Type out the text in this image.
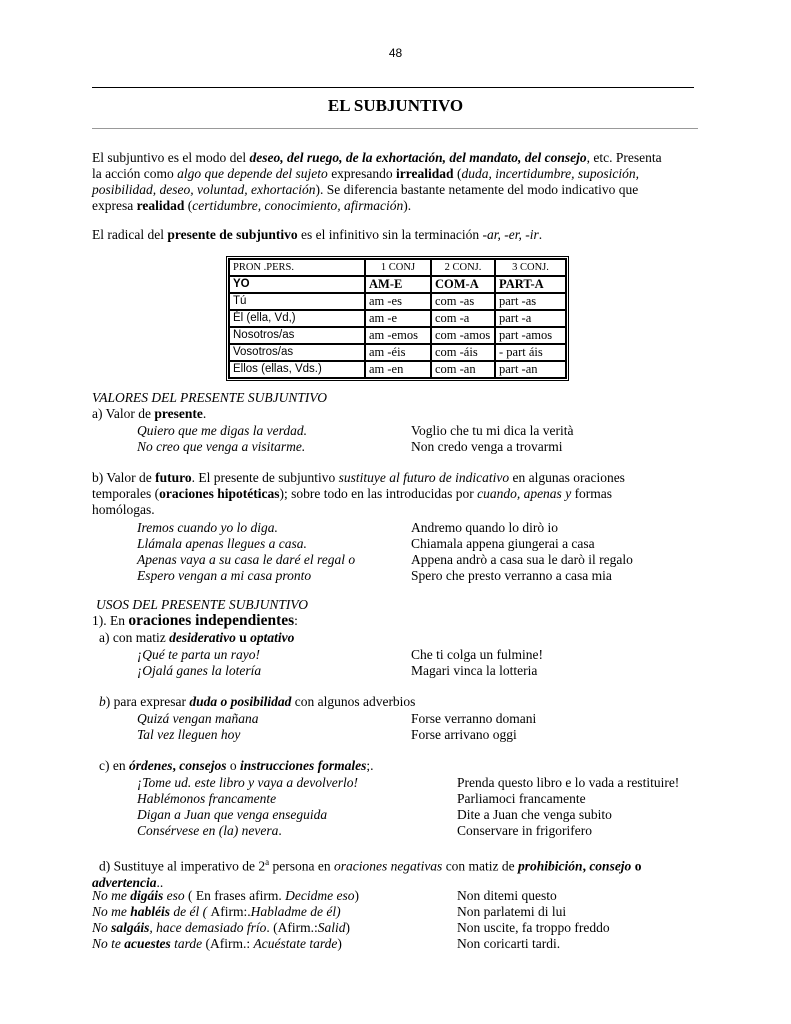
48
EL SUBJUNTIVO
El subjuntivo es el modo del deseo, del ruego, de la exhortación, del mandato, del consejo, etc. Presenta
la acción como algo que depende del sujeto expresando irrealidad (duda, incertidumbre, suposición,
posibilidad, deseo, voluntad, exhortación). Se diferencia bastante netamente del modo indicativo que
expresa realidad (certidumbre, conocimiento, afirmación).
El radical del presente de subjuntivo es el infinitivo sin la terminación -ar, -er, -ir.
PRON .PERS.	1 CONJ	2 CONJ.	3 CONJ.
YO	AM-E	COM-A	PART-A
Tú	am -es	com -as	part -as
Él (ella, Vd,)	am -e	com -a	part -a
Nosotros/as	am -emos	com -amos	part -amos
Vosotros/as	am -éis	com -áis	- part áis
Ellos (ellas, Vds.)	am -en	com -an	part -an
VALORES DEL PRESENTE SUBJUNTIVO
a) Valor de presente.
Quiero que me digas la verdad.	Voglio che tu mi dica la verità
No creo que venga a visitarme.	Non credo venga a trovarmi
b) Valor de futuro. El presente de subjuntivo sustituye al futuro de indicativo en algunas oraciones
temporales (oraciones hipotéticas); sobre todo en las introducidas por cuando, apenas y formas
homólogas.
Iremos cuando yo lo diga.	Andremo quando lo dirò io
Llámala apenas llegues a casa.	Chiamala appena giungerai a casa
Apenas vaya a su casa le daré el regal o	Appena andrò a casa sua le darò il regalo
Espero vengan a mi casa pronto	Spero che presto verranno a casa mia
USOS DEL PRESENTE SUBJUNTIVO
1). En oraciones independientes:
a) con matiz desiderativo u optativo
¡Qué te parta un rayo!	Che ti colga un fulmine!
¡Ojalá ganes la lotería	Magari vinca la lotteria
b) para expresar duda o posibilidad con algunos adverbios
Quizá vengan mañana	Forse verranno domani
Tal vez lleguen hoy	Forse arrivano oggi
c) en órdenes, consejos o instrucciones formales;.
¡Tome ud. este libro y vaya a devolverlo!	Prenda questo libro e lo vada a restituire!
Hablémonos francamente	Parliamoci francamente
Digan a Juan que venga enseguida	Dite a Juan che venga subito
Consérvese en (la) nevera.	Conservare in frigorifero
d) Sustituye al imperativo de 2$^a$ persona en oraciones negativas con matiz de prohibición, consejo o
advertencia..
No me digáis eso ( En frases afirm. Decidme eso)	Non ditemi questo
No me habléis de él ( Afirm:.Habladme de él)	Non parlatemi di lui
No salgáis, hace demasiado frío. (Afirm.:Salid)	Non uscite, fa troppo freddo
No te acuestes tarde (Afirm.: Acuéstate tarde)	Non coricarti tardi.
